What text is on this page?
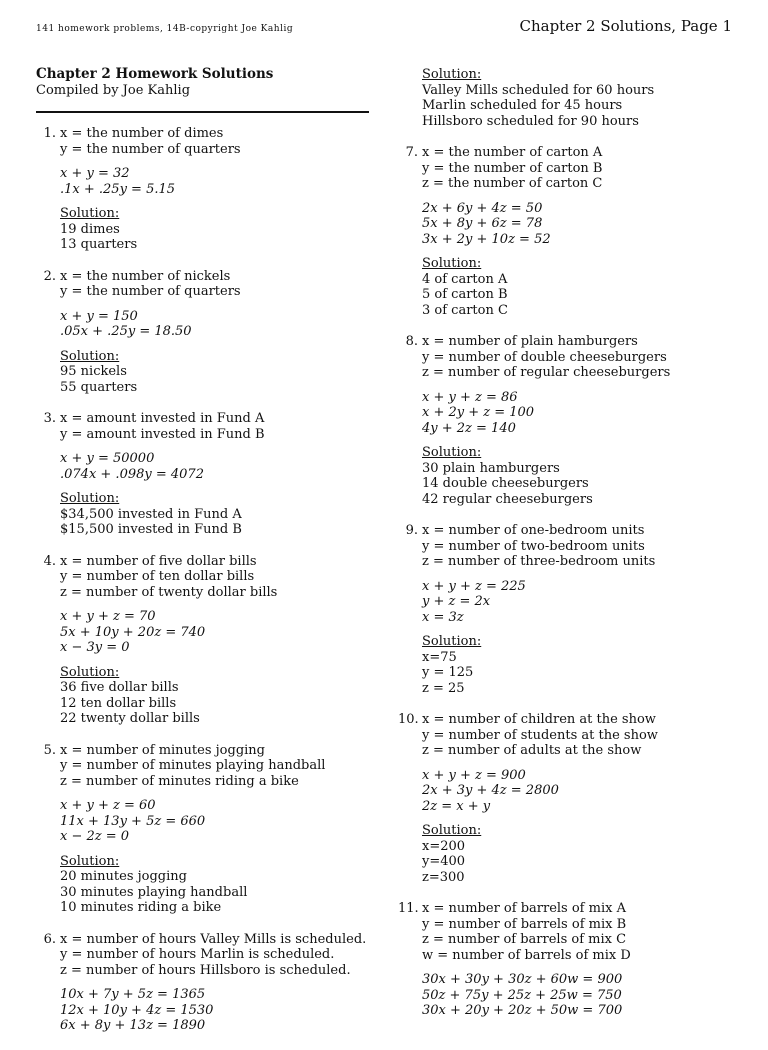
141 homework problems, 14B-copyright Joe Kahlig	Chapter 2 Solutions, Page 1
Chapter 2 Homework Solutions
Compiled by Joe Kahlig
1. x = the number of dimes
y = the number of quarters
x + y = 32
.1x + .25y = 5.15
Solution:
19 dimes
13 quarters
2. x = the number of nickels
y = the number of quarters
x + y = 150
.05x + .25y = 18.50
Solution:
95 nickels
55 quarters
3. x = amount invested in Fund A
y = amount invested in Fund B
x + y = 50000
.074x + .098y = 4072
Solution:
$34,500 invested in Fund A
$15,500 invested in Fund B
4. x = number of five dollar bills
y = number of ten dollar bills
z = number of twenty dollar bills
x + y + z = 70
5x + 10y + 20z = 740
x − 3y = 0
Solution:
36 five dollar bills
12 ten dollar bills
22 twenty dollar bills
5. x = number of minutes jogging
y = number of minutes playing handball
z = number of minutes riding a bike
x + y + z = 60
11x + 13y + 5z = 660
x − 2z = 0
Solution:
20 minutes jogging
30 minutes playing handball
10 minutes riding a bike
6. x = number of hours Valley Mills is scheduled.
y = number of hours Marlin is scheduled.
z = number of hours Hillsboro is scheduled.
10x + 7y + 5z = 1365
12x + 10y + 4z = 1530
6x + 8y + 13z = 1890
Solution:
Valley Mills scheduled for 60 hours
Marlin scheduled for 45 hours
Hillsboro scheduled for 90 hours
7. x = the number of carton A
y = the number of carton B
z = the number of carton C
2x + 6y + 4z = 50
5x + 8y + 6z = 78
3x + 2y + 10z = 52
Solution:
4 of carton A
5 of carton B
3 of carton C
8. x = number of plain hamburgers
y = number of double cheeseburgers
z = number of regular cheeseburgers
x + y + z = 86
x + 2y + z = 100
4y + 2z = 140
Solution:
30 plain hamburgers
14 double cheeseburgers
42 regular cheeseburgers
9. x = number of one-bedroom units
y = number of two-bedroom units
z = number of three-bedroom units
x + y + z = 225
y + z = 2x
x = 3z
Solution:
x=75
y = 125
z = 25
10. x = number of children at the show
y = number of students at the show
z = number of adults at the show
x + y + z = 900
2x + 3y + 4z = 2800
2z = x + y
Solution:
x=200
y=400
z=300
11. x = number of barrels of mix A
y = number of barrels of mix B
z = number of barrels of mix C
w = number of barrels of mix D
30x + 30y + 30z + 60w = 900
50z + 75y + 25z + 25w = 750
30x + 20y + 20z + 50w = 700
